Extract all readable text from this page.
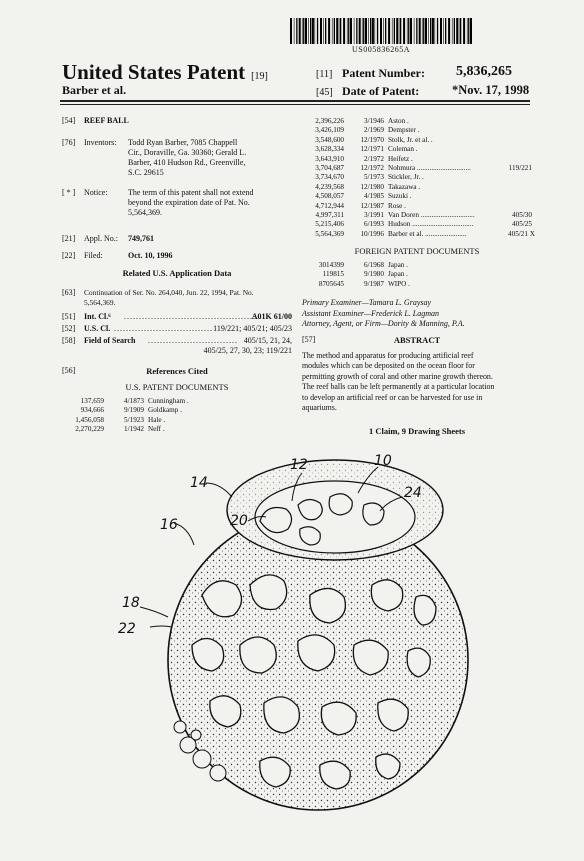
US005836265A
United States Patent [19]
Barber et al.
[11] Patent Number: 5,836,265
[45] Date of Patent:	*Nov. 17, 1998
[54] REEF BALL
[76] Inventors: Todd Ryan Barber, 7085 Chappell
Cir., Doraville, Ga. 30360; Gerald L.
Barber, 410 Hudson Rd., Greenville,
S.C. 29615
[ * ] Notice:	The term of this patent shall not extend
beyond the expiration date of Pat. No.
5,564,369.
[21] Appl. No.: 749,761
[22] Filed:	Oct. 10, 1996
Related U.S. Application Data
[63] Continuation of Ser. No. 264,040, Jun. 22, 1994, Pat. No.
5,564,369.
[51] Int. Cl.⁶ ..............................................
A01K 61/00
[52] U.S. Cl. ................................. 119/221; 405/21; 405/23
[58] Field of Search .............................. 405/15, 21, 24,
405/25, 27, 30, 23; 119/221
[56]	References Cited
U.S. PATENT DOCUMENTS
137,659	4/1873 Cunningham .
934,666	9/1909 Goldkamp .
1,456,058	5/1923 Hale .
2,270,229	1/1942 Neff .
2,396,226	3/1946 Aston .
3,426,109	2/1969 Dempster .
3,548,600 12/1970 Stolk, Jr. et al. .
3,628,334 12/1971 Coleman .
3,643,910	2/1972 Heifetz .
3,704,687 12/1972 Nohmura ..............................	119/221
3,734,670	5/1973 Stickler, Jr. .
4,239,568 12/1980 Takazawa .
4,508,057	4/1985 Suzuki .
4,712,944 12/1987 Rose .
4,997,311	3/1991 Van Doren ..............................	405/30
5,215,406	6/1993 Hudson ..................................	405/25
5,564,369 10/1996 Barber et al. .......................	405/21 X
FOREIGN PATENT DOCUMENTS
3014399	6/1968 Japan .
119815	9/1980 Japan .
8705645	9/1987 WIPO .
Primary Examiner—Tamara L. Graysay
Assistant Examiner—Frederick L. Lagman
Attorney, Agent, or Firm—Dority & Manning, P.A.
[57]	ABSTRACT
The method and apparatus for producing artificial reef
modules which can be deposited on the ocean floor for
permitting growth of coral and other marine growth thereon.
The reef balls can be left permanently at a particular location
to develop an artificial reef or can be harvested for use in
aquariums.
1 Claim, 9 Drawing Sheets
12	10
14
24
16	20
18
22
